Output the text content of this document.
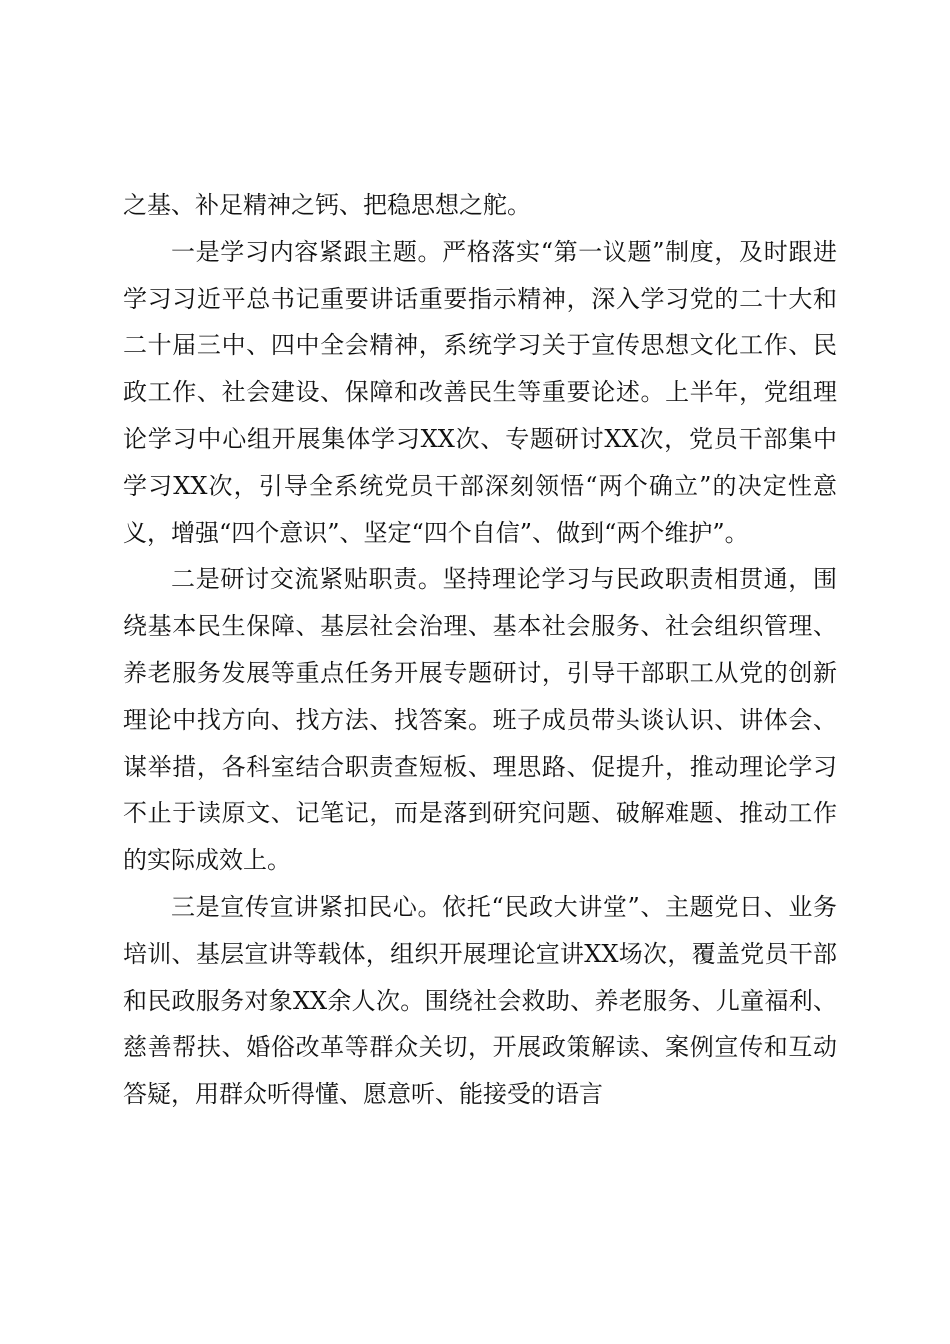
之基、补足精神之钙、把稳思想之舵。

一是学习内容紧跟主题。严格落实“第一议题”制度，及时跟进学习习近平总书记重要讲话重要指示精神，深入学习党的二十大和二十届三中、四中全会精神，系统学习关于宣传思想文化工作、民政工作、社会建设、保障和改善民生等重要论述。上半年，党组理论学习中心组开展集体学习XX次、专题研讨XX次，党员干部集中学习XX次，引导全系统党员干部深刻领悟“两个确立”的决定性意义，增强“四个意识”、坚定“四个自信”、做到“两个维护”。

二是研讨交流紧贴职责。坚持理论学习与民政职责相贯通，围绕基本民生保障、基层社会治理、基本社会服务、社会组织管理、养老服务发展等重点任务开展专题研讨，引导干部职工从党的创新理论中找方向、找方法、找答案。班子成员带头谈认识、讲体会、谋举措，各科室结合职责查短板、理思路、促提升，推动理论学习不止于读原文、记笔记，而是落到研究问题、破解难题、推动工作的实际成效上。

三是宣传宣讲紧扣民心。依托“民政大讲堂”、主题党日、业务培训、基层宣讲等载体，组织开展理论宣讲XX场次，覆盖党员干部和民政服务对象XX余人次。围绕社会救助、养老服务、儿童福利、慈善帮扶、婚俗改革等群众关切，开展政策解读、案例宣传和互动答疑，用群众听得懂、愿意听、能接受的语言
